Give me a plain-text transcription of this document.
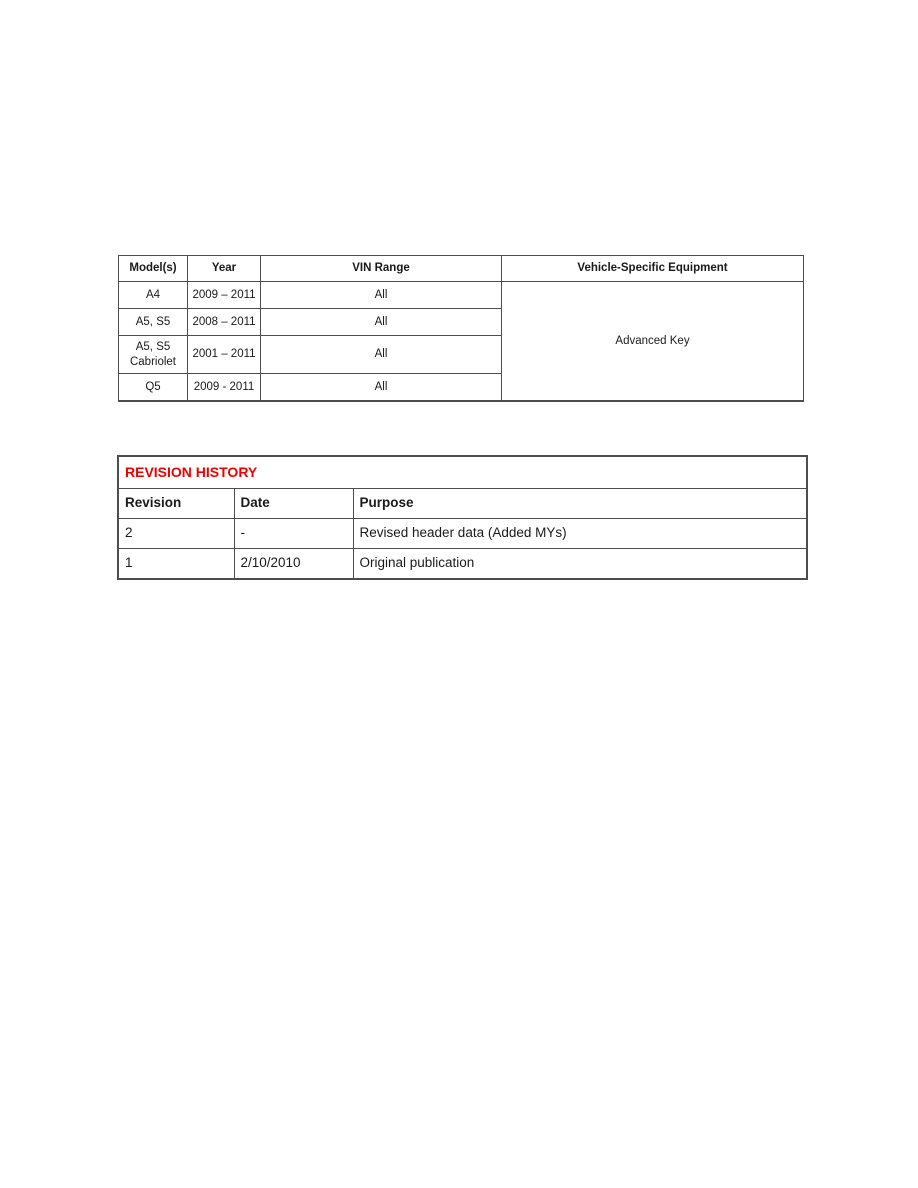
Model(s)	Year	VIN Range	Vehicle-Specific Equipment
A4	2009 – 2011	All	Advanced Key
A5, S5	2008 – 2011	All	
A5, S5 Cabriolet	2001 – 2011	All	
Q5	2009 - 2011	All	
REVISION HISTORY		
Revision	Date	Purpose
2	-	Revised header data (Added MYs)
1	2/10/2010	Original publication
